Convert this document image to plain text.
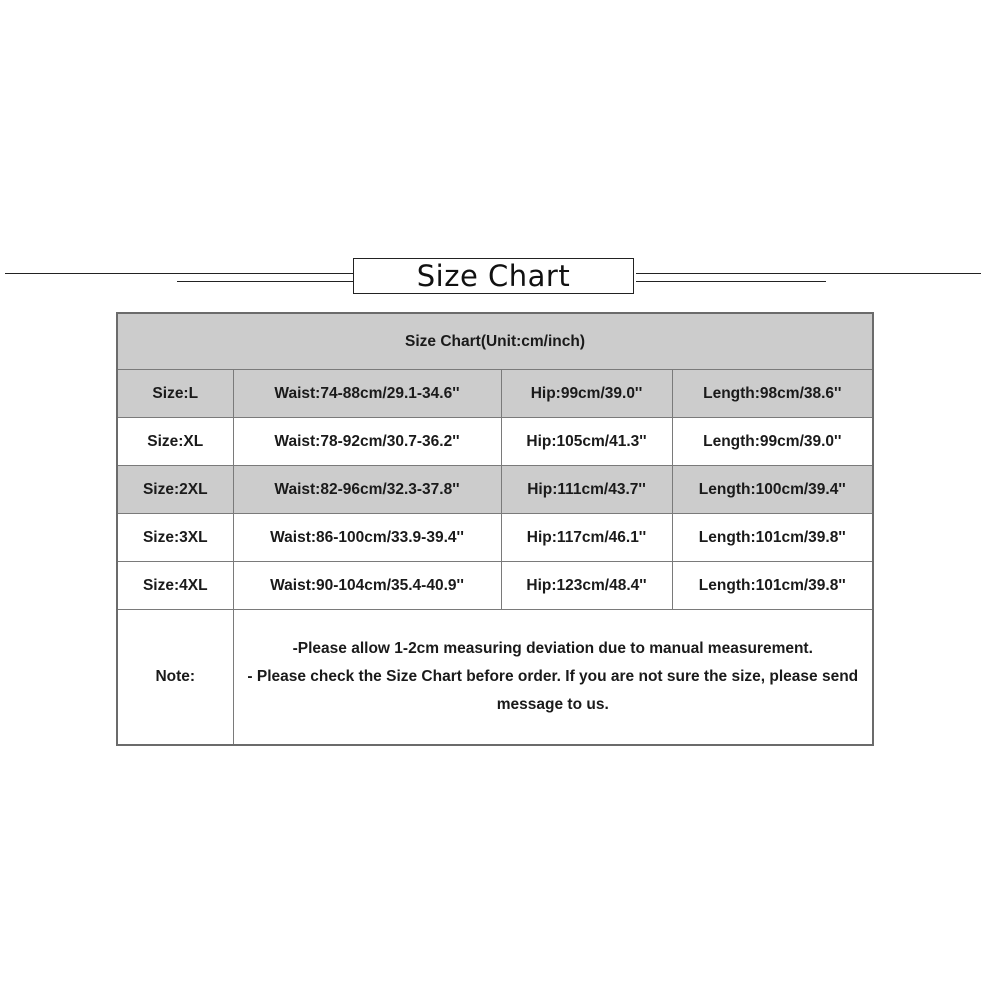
Size Chart
Size Chart(Unit:cm/inch)			
Size:L	Waist:74-88cm/29.1-34.6''	Hip:99cm/39.0''	Length:98cm/38.6''
Size:XL	Waist:78-92cm/30.7-36.2''	Hip:105cm/41.3''	Length:99cm/39.0''
Size:2XL	Waist:82-96cm/32.3-37.8''	Hip:111cm/43.7''	Length:100cm/39.4''
Size:3XL	Waist:86-100cm/33.9-39.4''	Hip:117cm/46.1''	Length:101cm/39.8''
Size:4XL	Waist:90-104cm/35.4-40.9''	Hip:123cm/48.4''	Length:101cm/39.8''
Note:	-Please allow 1-2cm measuring deviation due to manual measurement.
- Please check the Size Chart before order. If you are not sure the size, please send message to us.		
